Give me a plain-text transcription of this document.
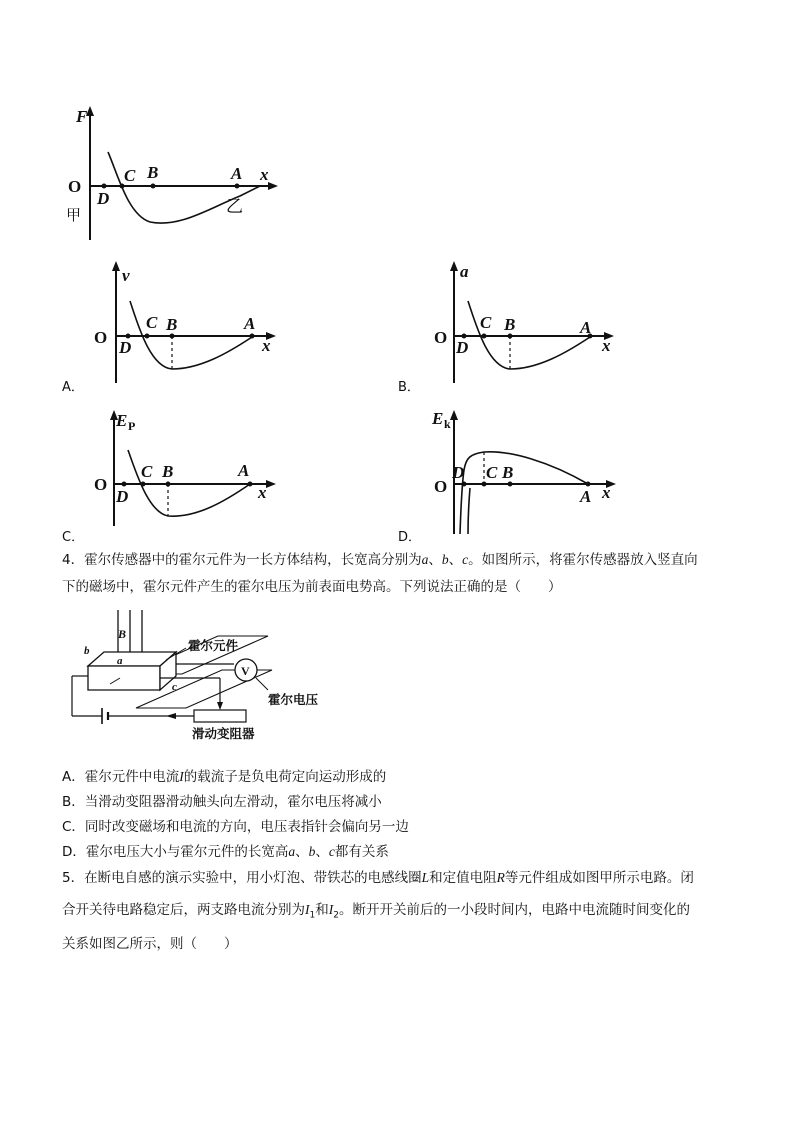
F
x
O
D
C B	A
甲	乙
v
x
O
D
C B	A
A．
a
x
O
D
C B	A
B．
E P
x
O
D
C B	A
C．
E k
x
O
D C B
A
D．
4．霍尔传感器中的霍尔元件为一长方体结构，长宽高分别为a、b、c。如图所示，将霍尔传感器放入竖直向
下的磁场中，霍尔元件产生的霍尔电压为前表面电势高。下列说法正确的是（　　）
B
b
a
c
霍尔元件
V
霍尔电压
滑动变阻器
A．霍尔元件中电流I的载流子是负电荷定向运动形成的
B．当滑动变阻器滑动触头向左滑动，霍尔电压将减小
C．同时改变磁场和电流的方向，电压表指针会偏向另一边
D．霍尔电压大小与霍尔元件的长宽高a、b、c都有关系
5．在断电自感的演示实验中，用小灯泡、带铁芯的电感线圈L和定值电阻R等元件组成如图甲所示电路。闭
合开关待电路稳定后，两支路电流分别为$I_1$和$I_2$。断开开关前后的一小段时间内，电路中电流随时间变化的
关系如图乙所示，则（　　）
